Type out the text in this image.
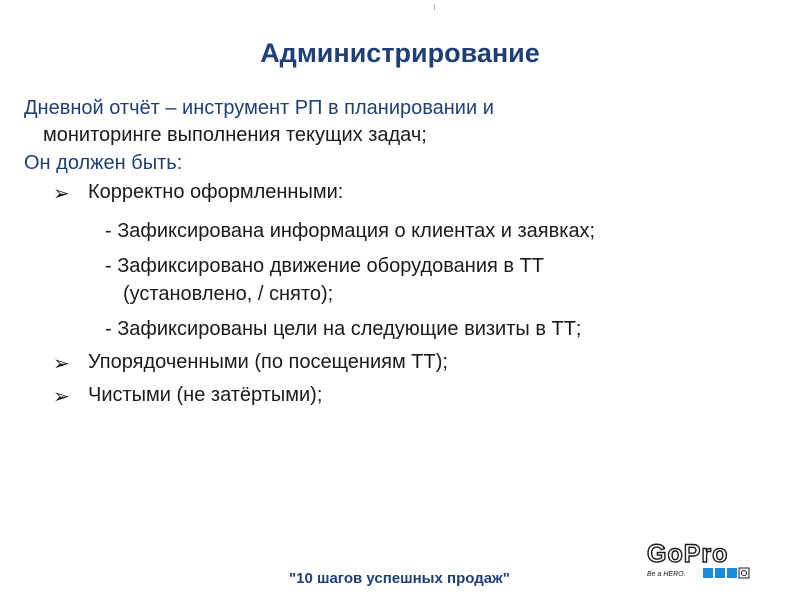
Администрирование
Дневной отчёт – инструмент РП в планировании и
мониторинге выполнения текущих задач;
Он должен быть:
➢ Корректно оформленными:
- Зафиксирована информация о клиентах и заявках;
- Зафиксировано движение оборудования в ТТ
(установлено, / снято);
- Зафиксированы цели на следующие визиты в ТТ;
➢ Упорядоченными (по посещениям ТТ);
➢ Чистыми (не затёртыми);
"10 шагов успешных продаж"
GoPro
Be a HERO.
